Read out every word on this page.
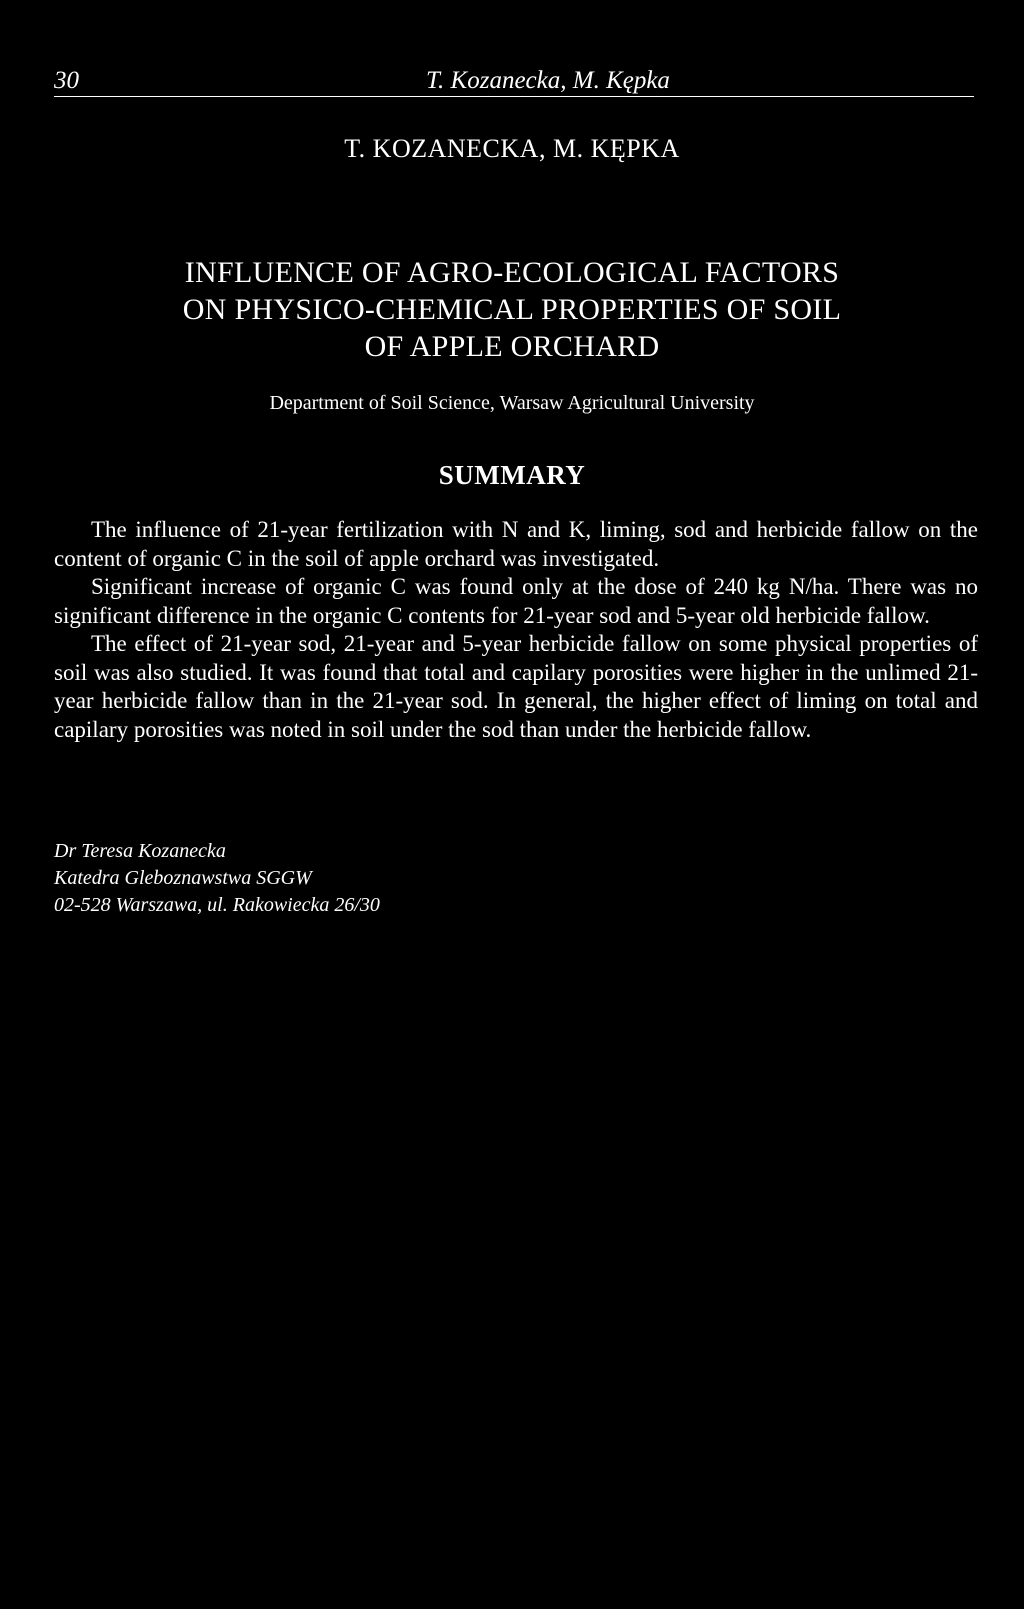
30	T. Kozanecka, M. Kępka
T. KOZANECKA, M. KĘPKA
INFLUENCE OF AGRO-ECOLOGICAL FACTORS
ON PHYSICO-CHEMICAL PROPERTIES OF SOIL
OF APPLE ORCHARD
Department of Soil Science, Warsaw Agricultural University
SUMMARY

The influence of 21-year fertilization with N and K, liming, sod and herbicide fallow on the content of organic C in the soil of apple orchard was investigated.

Significant increase of organic C was found only at the dose of 240 kg N/ha. There was no significant difference in the organic C contents for 21-year sod and 5-year old herbicide fallow.

The effect of 21-year sod, 21-year and 5-year herbicide fallow on some physical properties of soil was also studied. It was found that total and capilary porosities were higher in the unlimed 21-year herbicide fallow than in the 21-year sod. In general, the higher effect of liming on total and capilary porosities was noted in soil under the sod than under the herbicide fallow.

Dr Teresa Kozanecka
Katedra Gleboznawstwa SGGW
02-528 Warszawa, ul. Rakowiecka 26/30
